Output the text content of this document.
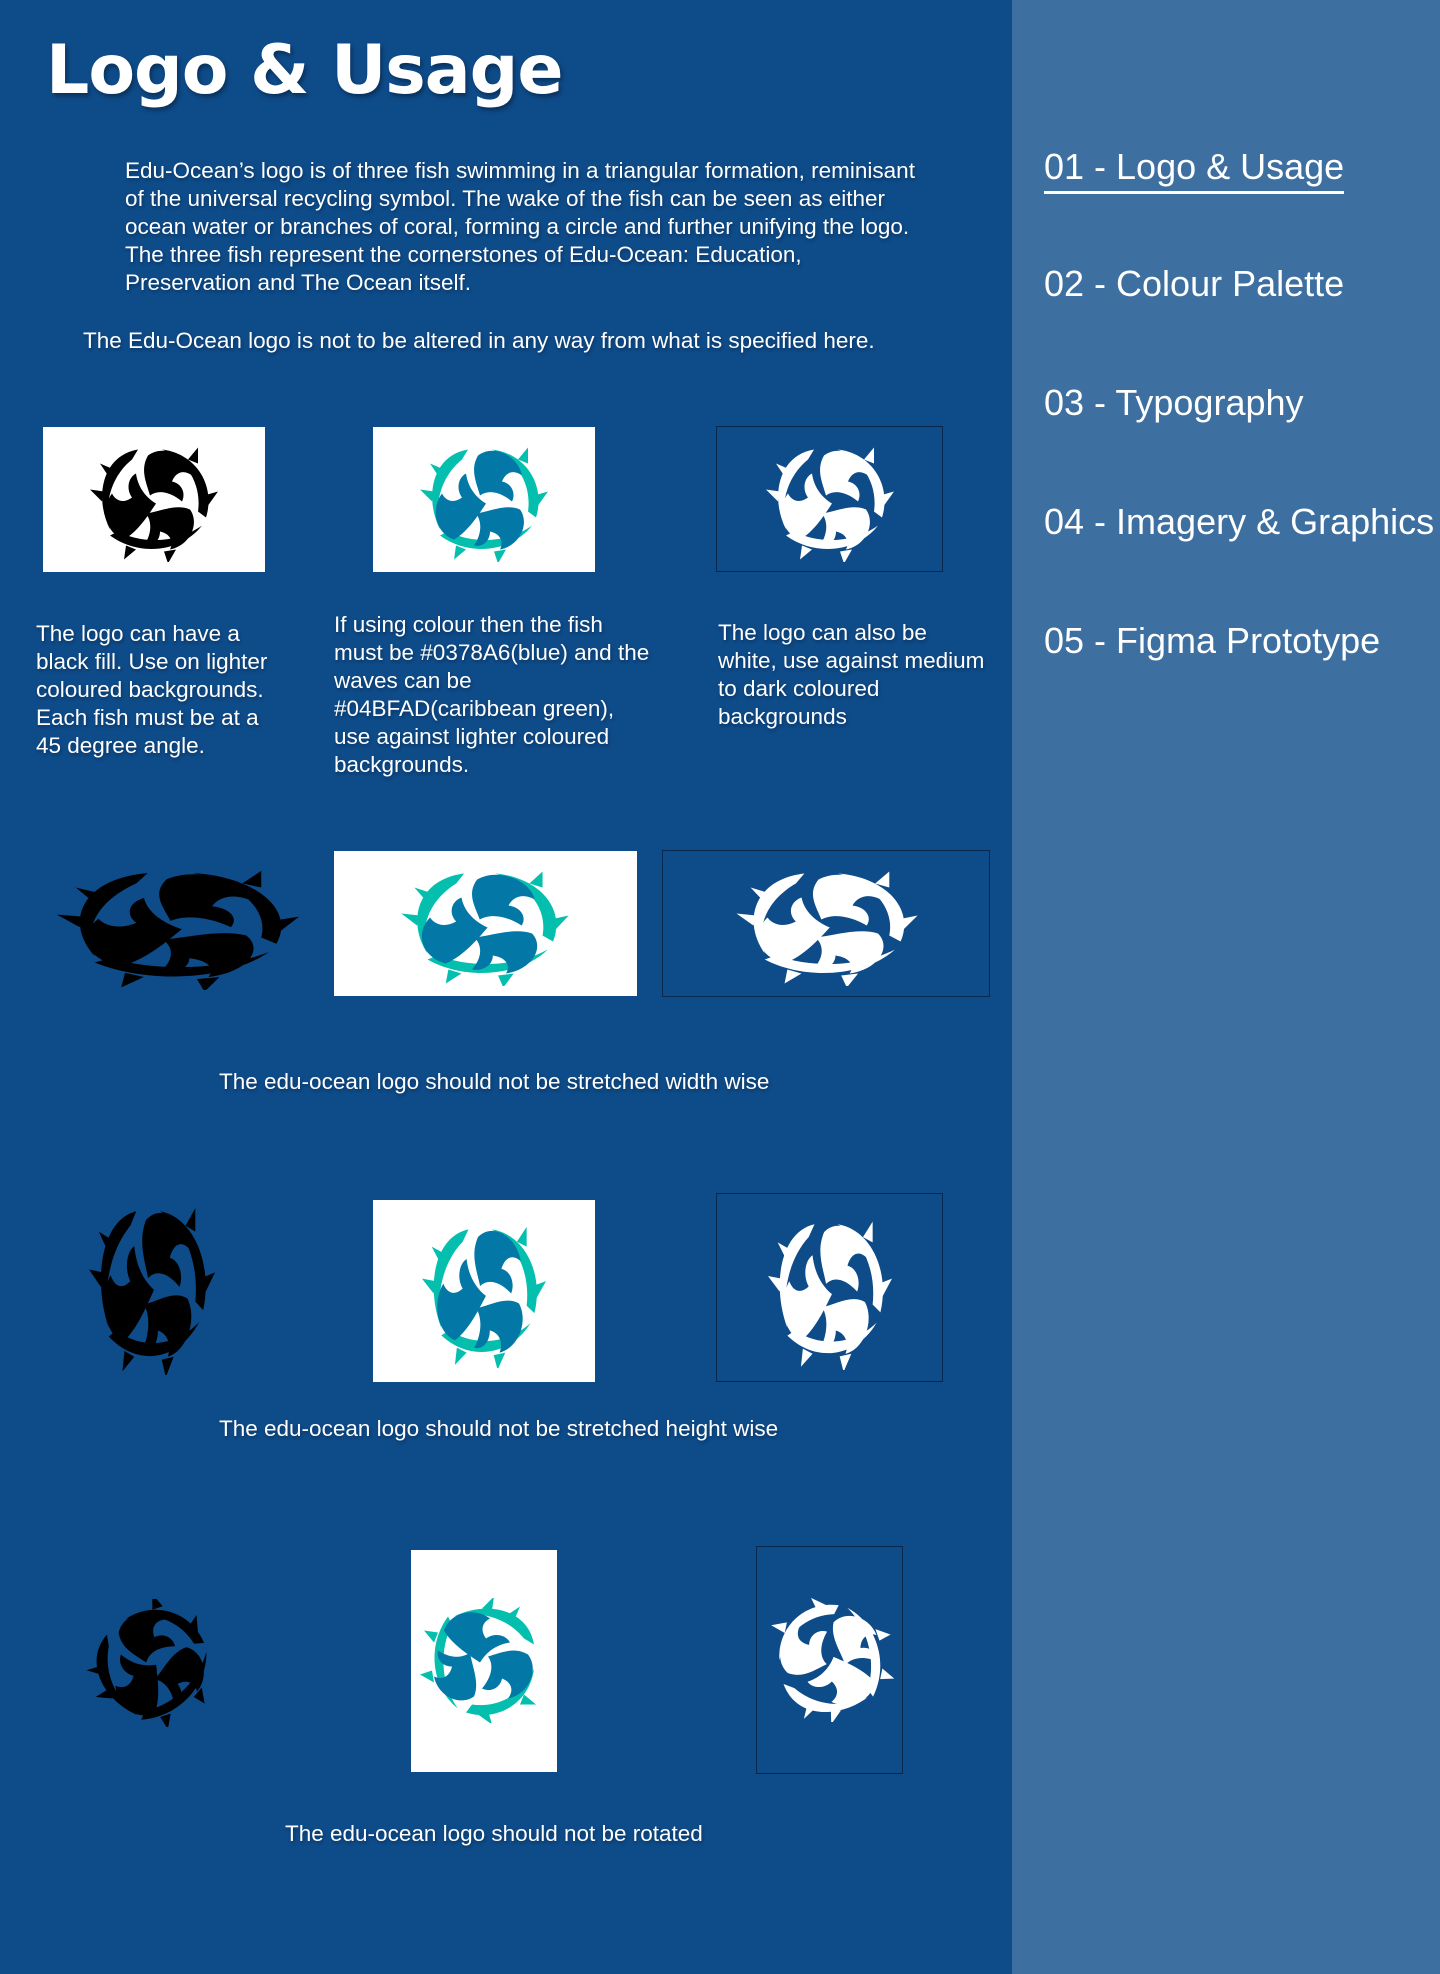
Logo & Usage

Edu-Ocean’s logo is of three fish swimming in a triangular formation, reminisant of the universal recycling symbol. The wake of the fish can be seen as either ocean water or branches of coral, forming a circle and further unifying the logo. The three fish represent the cornerstones of Edu-Ocean: Education, Preservation and The Ocean itself.

The Edu-Ocean logo is not to be altered in any way from what is specified here.

The logo can have a black fill. Use on lighter coloured backgrounds. Each fish must be at a 45 degree angle.

If using colour then the fish must be #0378A6(blue) and the waves can be #04BFAD(caribbean green), use against lighter coloured backgrounds.

The logo can also be white, use against medium to dark coloured backgrounds

The edu-ocean logo should not be stretched width wise

The edu-ocean logo should not be stretched height wise

The edu-ocean logo should not be rotated

01 - Logo & Usage
02 - Colour Palette
03 - Typography
04 - Imagery & Graphics
05 - Figma Prototype
